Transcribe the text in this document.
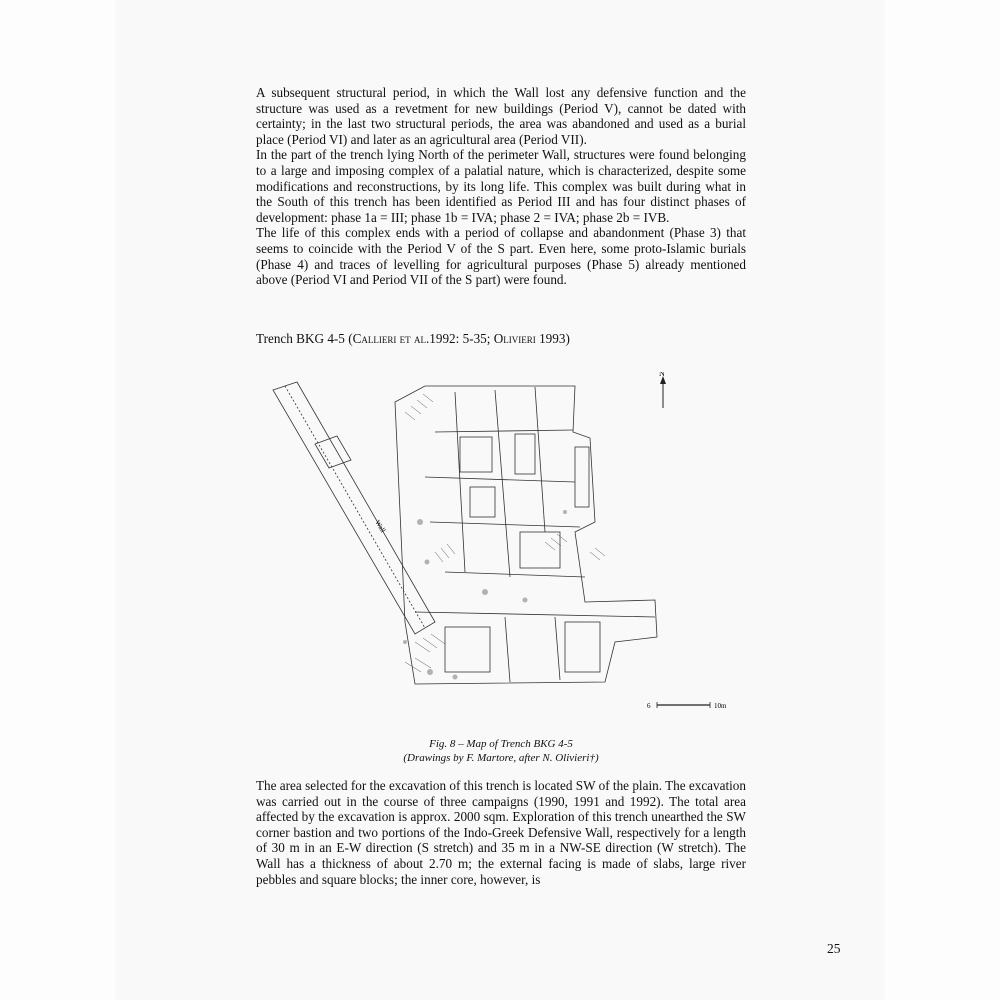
A subsequent structural period, in which the Wall lost any defensive function and the structure was used as a revetment for new buildings (Period V), cannot be dated with certainty; in the last two structural periods, the area was abandoned and used as a burial place (Period VI) and later as an agricultural area (Period VII).

In the part of the trench lying North of the perimeter Wall, structures were found belonging to a large and imposing complex of a palatial nature, which is characterized, despite some modifications and reconstructions, by its long life. This complex was built during what in the South of this trench has been identified as Period III and has four distinct phases of development: phase 1a = III; phase 1b = IVA; phase 2 = IVA; phase 2b = IVB.

The life of this complex ends with a period of collapse and abandonment (Phase 3) that seems to coincide with the Period V of the S part. Even here, some proto-Islamic burials (Phase 4) and traces of levelling for agricultural purposes (Phase 5) already mentioned above (Period VI and Period VII of the S part) were found.

Trench BKG 4-5 (Callieri et al.1992: 5-35; Olivieri 1993)
Wall
N
6	10m
Fig. 8 – Map of Trench BKG 4-5
(Drawings by F. Martore, after N. Olivieri†)

The area selected for the excavation of this trench is located SW of the plain. The excavation was carried out in the course of three campaigns (1990, 1991 and 1992). The total area affected by the excavation is approx. 2000 sqm. Exploration of this trench unearthed the SW corner bastion and two portions of the Indo-Greek Defensive Wall, respectively for a length of 30 m in an E-W direction (S stretch) and 35 m in a NW-SE direction (W stretch). The Wall has a thickness of about 2.70 m; the external facing is made of slabs, large river pebbles and square blocks; the inner core, however, is

25
